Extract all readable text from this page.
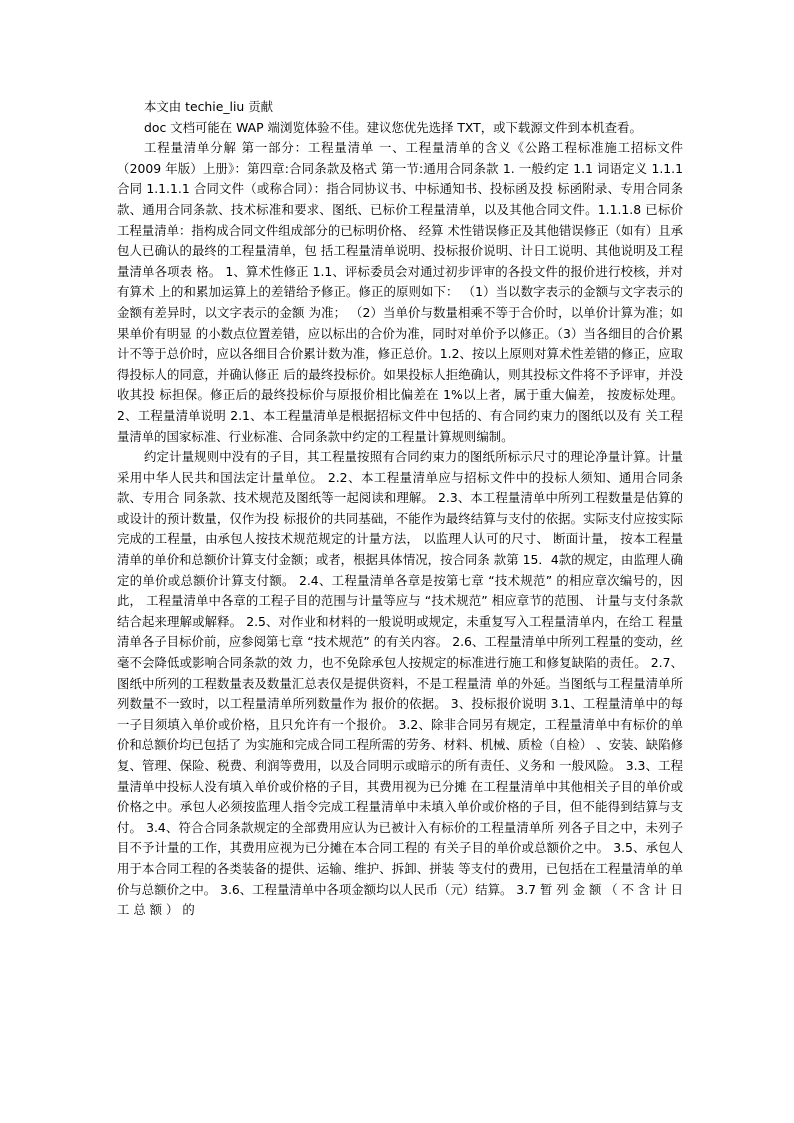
本文由 techie_liu 贡献

doc 文档可能在 WAP 端浏览体验不佳。建议您优先选择 TXT，或下载源文件到本机查看。

工程量清单分解 第一部分：工程量清单 一、工程量清单的含义《公路工程标准施工招标文件（2009 年版）上册》：第四章:合同条款及格式 第一节:通用合同条款 1. 一般约定 1.1 词语定义 1.1.1 合同 1.1.1.1 合同文件（或称合同）：指合同协议书、中标通知书、投标函及投 标函附录、专用合同条款、通用合同条款、技术标准和要求、图纸、已标价工程量清单，以及其他合同文件。1.1.1.8 已标价工程量清单：指构成合同文件组成部分的已标明价格、 经算 术性错误修正及其他错误修正（如有）且承包人已确认的最终的工程量清单，包 括工程量清单说明、投标报价说明、计日工说明、其他说明及工程量清单各项表 格。 1、算术性修正 1.1、评标委员会对通过初步评审的各投文件的报价进行校核，并对有算术 上的和累加运算上的差错给予修正。修正的原则如下： （1）当以数字表示的金额与文字表示的金额有差异时，以文字表示的金额 为准； （2）当单价与数量相乘不等于合价时，以单价计算为准；如果单价有明显 的小数点位置差错，应以标出的合价为准，同时对单价予以修正。（3）当各细目的合价累计不等于总价时，应以各细目合价累计数为准，修正总价。1.2、按以上原则对算术性差错的修正，应取得投标人的同意，并确认修正 后的最终投标价。如果投标人拒绝确认，则其投标文件将不予评审，并没收其投 标担保。修正后的最终投标价与原报价相比偏差在 1%以上者，属于重大偏差， 按废标处理。 2、工程量清单说明 2.1、本工程量清单是根据招标文件中包括的、有合同约束力的图纸以及有 关工程量清单的国家标准、行业标准、合同条款中约定的工程量计算规则编制。

约定计量规则中没有的子目，其工程量按照有合同约束力的图纸所标示尺寸的理论净量计算。计量采用中华人民共和国法定计量单位。 2.2、本工程量清单应与招标文件中的投标人须知、通用合同条款、专用合 同条款、技术规范及图纸等一起阅读和理解。 2.3、本工程量清单中所列工程数量是估算的或设计的预计数量，仅作为投 标报价的共同基础，不能作为最终结算与支付的依据。实际支付应按实际完成的工程量，由承包人按技术规范规定的计量方法， 以监理人认可的尺寸、 断面计量， 按本工程量清单的单价和总额价计算支付金额；或者，根据具体情况，按合同条 款第 15．4款的规定，由监理人确定的单价或总额价计算支付额。 2.4、工程量清单各章是按第七章 “技术规范” 的相应章次编号的，因此， 工程量清单中各章的工程子目的范围与计量等应与 “技术规范” 相应章节的范围、 计量与支付条款结合起来理解或解释。 2.5、对作业和材料的一般说明或规定，未重复写入工程量清单内，在给工 程量清单各子目标价前，应参阅第七章 “技术规范” 的有关内容。 2.6、工程量清单中所列工程量的变动，丝毫不会降低或影响合同条款的效 力，也不免除承包人按规定的标准进行施工和修复缺陷的责任。 2.7、图纸中所列的工程数量表及数量汇总表仅是提供资料，不是工程量清 单的外延。当图纸与工程量清单所列数量不一致时，以工程量清单所列数量作为 报价的依据。 3、投标报价说明 3.1、工程量清单中的每一子目须填入单价或价格，且只允许有一个报价。 3.2、除非合同另有规定，工程量清单中有标价的单价和总额价均已包括了 为实施和完成合同工程所需的劳务、材料、机械、质检（自检） 、安装、缺陷修 复、管理、保险、税费、利润等费用，以及合同明示或暗示的所有责任、义务和 一般风险。 3.3、工程量清单中投标人没有填入单价或价格的子目，其费用视为已分摊 在工程量清单中其他相关子目的单价或价格之中。承包人必须按监理人指令完成工程量清单中未填入单价或价格的子目，但不能得到结算与支付。 3.4、符合合同条款规定的全部费用应认为已被计入有标价的工程量清单所 列各子目之中，未列子目不予计量的工作，其费用应视为已分摊在本合同工程的 有关子目的单价或总额价之中。 3.5、承包人用于本合同工程的各类装备的提供、运输、维护、拆卸、拼装 等支付的费用，已包括在工程量清单的单价与总额价之中。 3.6、工程量清单中各项金额均以人民币（元）结算。 3.7 暂 列 金 额 （ 不 含 计 日 工 总 额 ） 的
